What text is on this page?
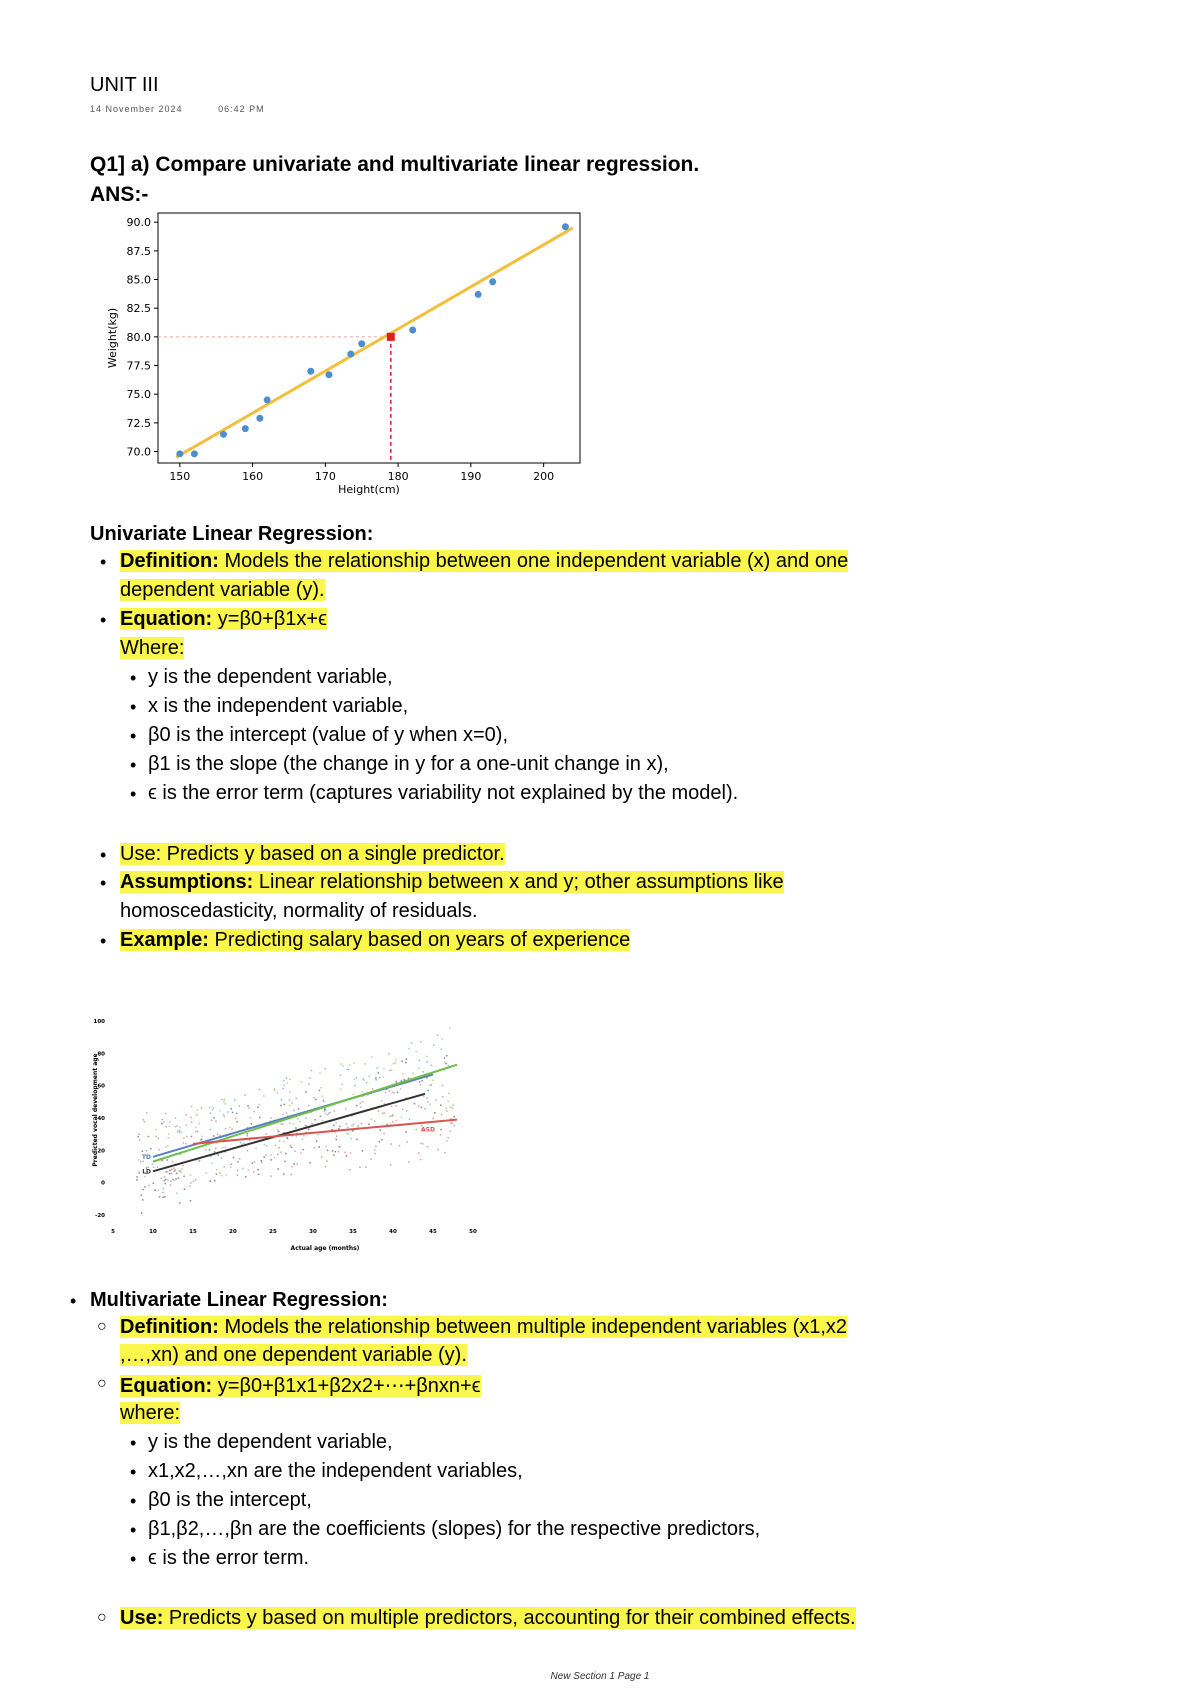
UNIT III
14 November 2024	06:42 PM
Q1] a) Compare univariate and multivariate linear regression.
ANS:-
70.0
72.5
75.0
77.5
80.0
82.5
85.0
87.5
90.0
150	160	170	180	190	200
Height(cm)
Weight(kg)
Univariate Linear Regression:
• Definition: Models the relationship between one independent variable (x) and one
dependent variable (y).
• Equation: y=β0+β1x+ϵ
Where:
• y is the dependent variable,
• x is the independent variable,
• β0 is the intercept (value of y when x=0),
• β1 is the slope (the change in y for a one-unit change in x),
• ϵ is the error term (captures variability not explained by the model).
• Use: Predicts y based on a single predictor.
• Assumptions: Linear relationship between x and y; other assumptions like
homoscedasticity, normality of residuals.
• Example: Predicting salary based on years of experience
TD
LD
ASD
-20
0
20
40
60
80
100
5	10	15	20	25	30	35	40	45	50
Actual age (months)
Predicted vocal development age
• Multivariate Linear Regression:
○ Definition: Models the relationship between multiple independent variables (x1,x2
,…,xn) and one dependent variable (y).
○ Equation: y=β0+β1x1+β2x2+⋯+βnxn+ϵ
where:
• y is the dependent variable,
• x1,x2,…,xn are the independent variables,
• β0 is the intercept,
• β1,β2,…,βn are the coefficients (slopes) for the respective predictors,
• ϵ is the error term.
○ Use: Predicts y based on multiple predictors, accounting for their combined effects.
New Section 1 Page 1
